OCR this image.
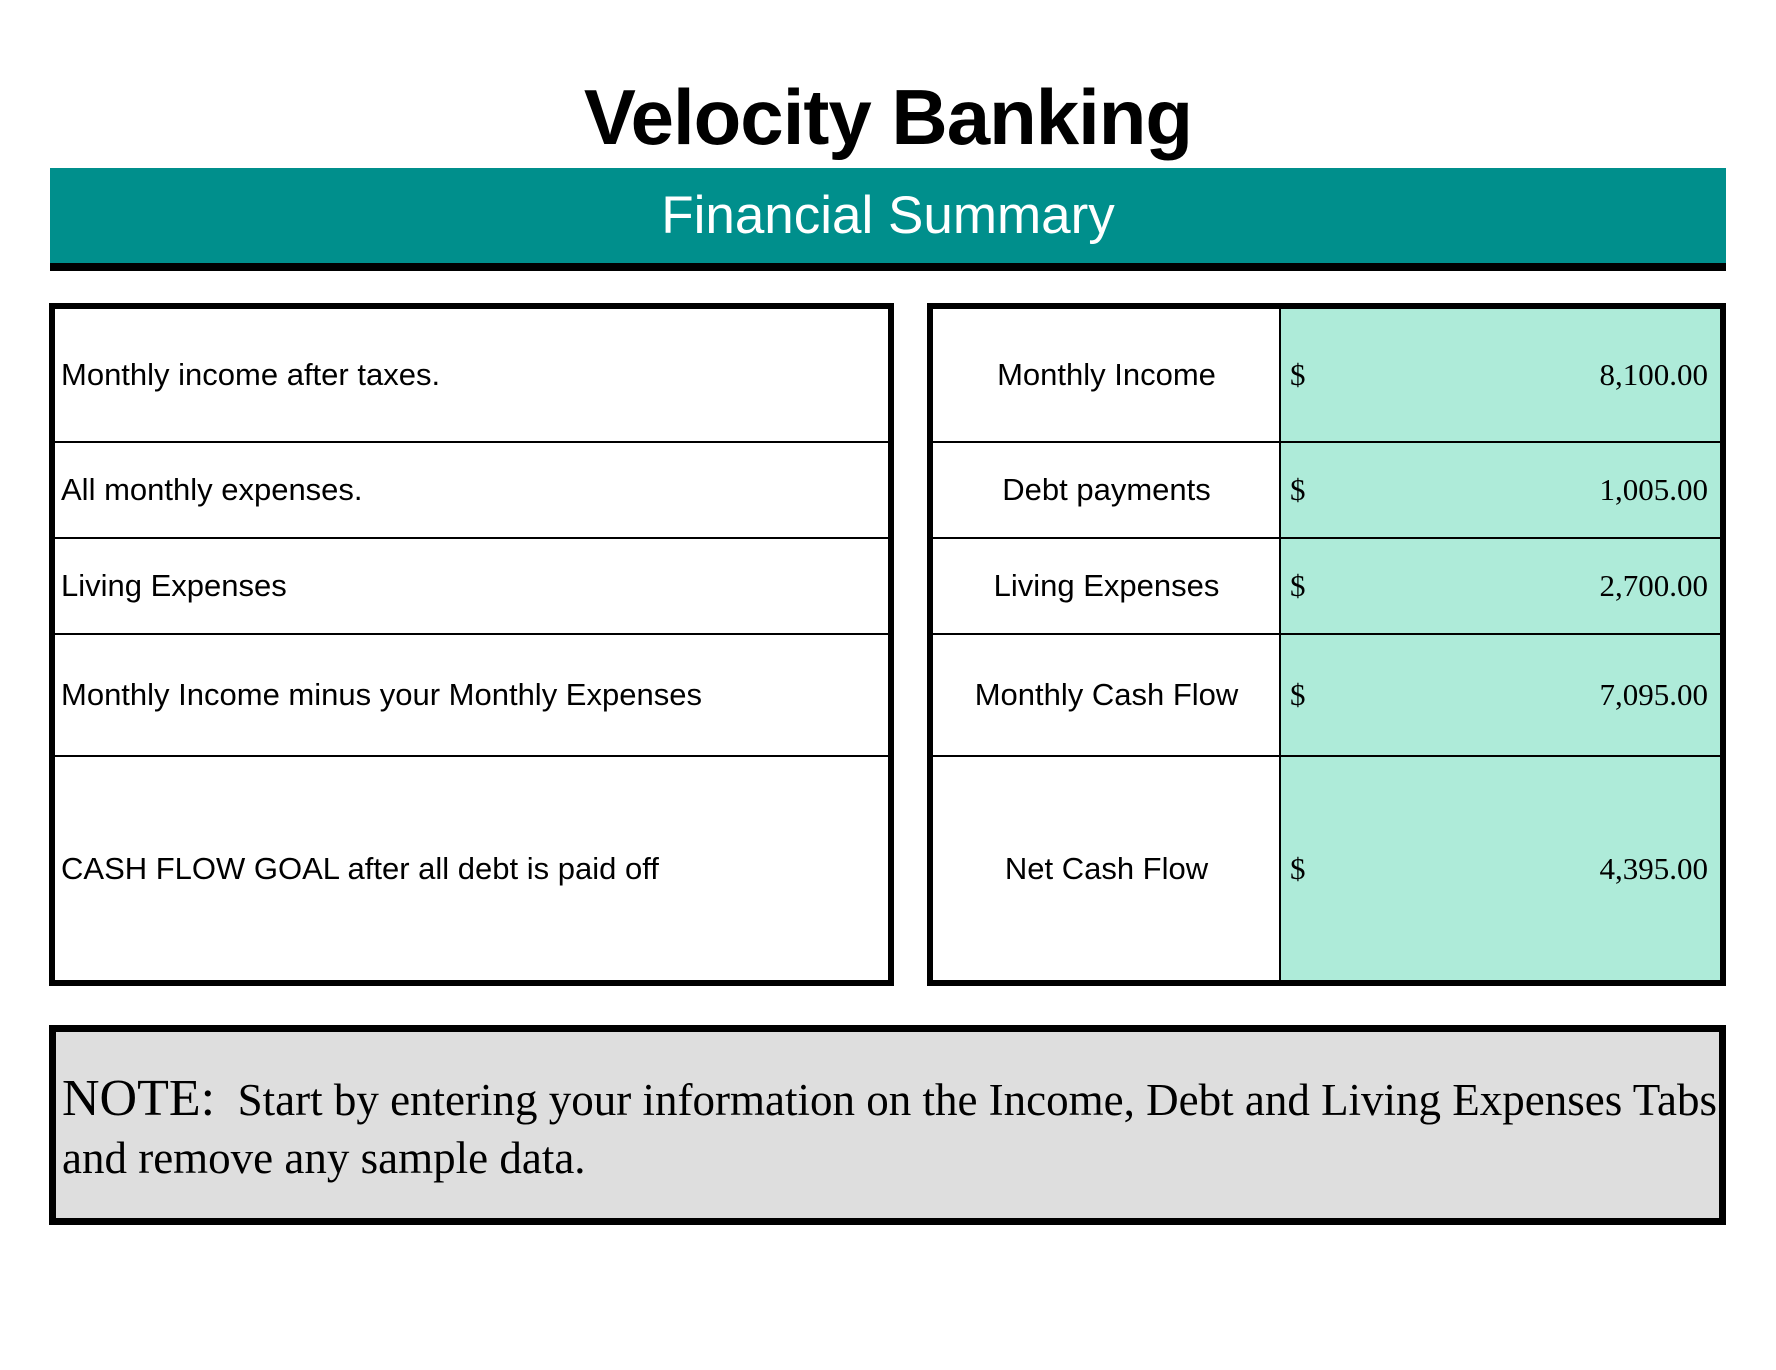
Velocity Banking
Financial Summary
Monthly income after taxes.
All monthly expenses.
Living Expenses
Monthly Income minus your Monthly Expenses
CASH FLOW GOAL after all debt is paid off
Monthly Income	$	8,100.00
Debt payments	$	1,005.00
Living Expenses	$	2,700.00
Monthly Cash Flow	$	7,095.00
Net Cash Flow	$	4,395.00
NOTE: Start by entering your information on the Income, Debt and Living Expenses Tabs and remove any sample data.
